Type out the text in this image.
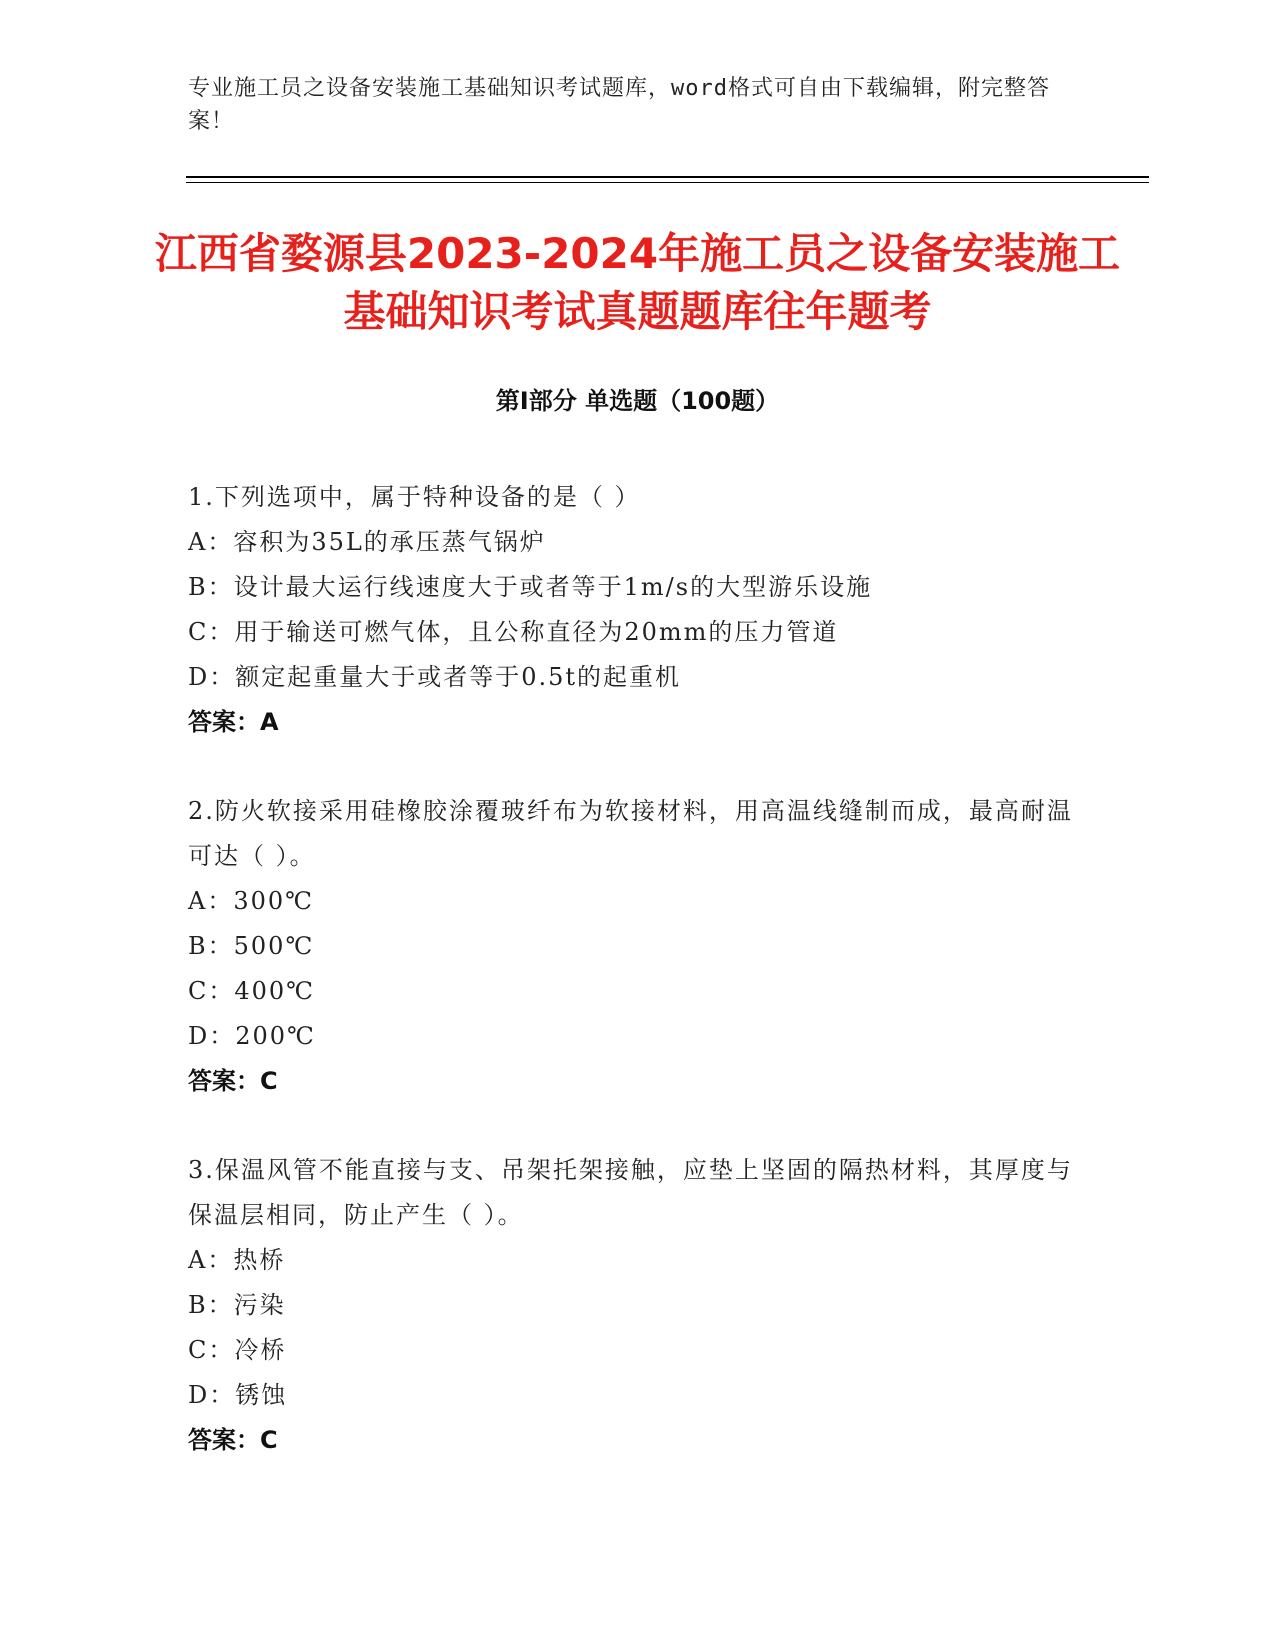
专业施工员之设备安装施工基础知识考试题库，word格式可自由下载编辑，附完整答案！
江西省婺源县2023-2024年施工员之设备安装施工基础知识考试真题题库往年题考
第I部分 单选题（100题）
1.下列选项中，属于特种设备的是（ ）
A：容积为35L的承压蒸气锅炉
B：设计最大运行线速度大于或者等于1m/s的大型游乐设施
C：用于输送可燃气体，且公称直径为20mm的压力管道
D：额定起重量大于或者等于0.5t的起重机
答案：A
2.防火软接采用硅橡胶涂覆玻纤布为软接材料，用高温线缝制而成，最高耐温可达（ ）。
A：300℃
B：500℃
C：400℃
D：200℃
答案：C
3.保温风管不能直接与支、吊架托架接触，应垫上坚固的隔热材料，其厚度与保温层相同，防止产生（ ）。
A：热桥
B：污染
C：冷桥
D：锈蚀
答案：C
